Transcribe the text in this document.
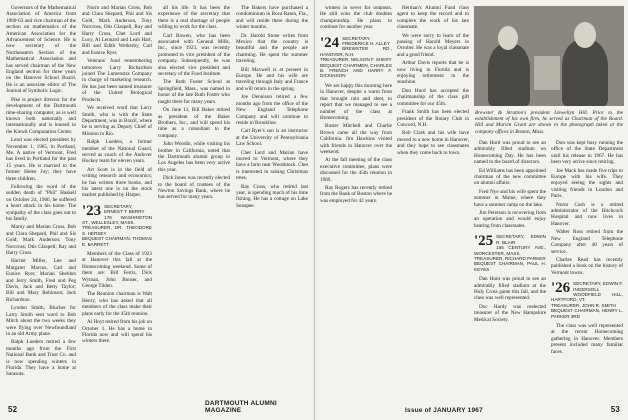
Governors of the Mathematical Association of America from 1960-63 and vice chairman of the section on mathematics of the American Association for the Advancement of Science. He is now secretary of the Northeastern Section of the Mathematical Association and has served chairman of the New England section for three years on the Hanover School Board. He is an associate editor of The Journal of Symbolic Logic.

Pike is project director for the development of the Dartmouth time-sharing computer, as is well known both nationally and internationally and is housed in the Kiewit Computation Center.

Lend was elected president by November 1, 1965, in Portland, Me. A native of Vermont, Fred has lived in Portland for the past 15 years. He is married to the former Helen Joy; they have three children.

Following the word of the sudden death of "Phil" Haskell on October 24, 1966, he suffered a heart attack in his home. The sympathy of the class goes out to his family.

Marny and Marian Cross, Bob and Clara Shepard, Phil and Sis Gold; Mark Anderson; Tony Norcross; Otis Glaspell; Ray and Harry Cross.

Harriet Miller, Lee and Margaret Marcus, Carl and Eunice Ryer, Marian Sheldon and Jerry Smith, Fred and Peg Davis, Jack and Betty Taylor; Bill and Mary Robinson; Jack Richardson.

Lyndon Smith, Blucher for Larry Smith sent word to Bob Mitch about the two weeks they were flying over Newfoundland in an old Army plane.

Ralph Lueders retired a few months ago from the First National Bank and Trust Co. and is now spending winters in Florida. They have a home at Sarasota.

Norm and Marian Cross, Bob and Clara Shepard, Phil and Sis Gold, Mark Anderson, Tony Norcross, Otis Glaspell, Ray and Harry Cross, Chet Lord and Lucy, Al Leonard and Leah Hart, Bill and Edith Wetherby, Carl and Eunice Ryer.

Veterans' fund remembering tomorrow Larry Richardson joined The Lumenstra Company in charge of marketing research. He has just been named treasurer of the United Biological Products.

We received word that Larry Smith, who is with the State Department, was in Brazil, where he is serving as Deputy Chief of Mission in Rio.

Ralph Lueders, a former member of the National Guard, served as coach of the Andover Hockey team for eleven years.

Art Scott is in the field of writing research and economics; he has written three books, and his latest one is on the stock market published by Harper.

'23 SECRETARY, ERNEST T. BERRY
176 WASHINGTON ST., WELLESLEY, MASS.
TREASURER, DR. THEODORE S. HERSEY
BEQUEST CHAIRMAN, THOMAS E. BARRETT

Members of the Class of 1923 at Hanover this fall at the Homecoming weekend. Some of them are: Bill Ferris, Dick Wyman, John Bonser, and George Tilden.

The Reunion chairman is Walt Henry, who has asked that all members of the class make their plans early for the 45th reunion.

Al Hoyt retired from his job on October 1. He has a home in Florida now and will spend his winters there.

all his life. It has been the experience of the secretary that there is a real shortage of people willing to work for the class.

Carl Bowen, who has been associated with General Mills, Inc., since 1923, was recently promoted to vice president of the company. Subsequently, he was also elected vice president and secretary of the Food Institute.

The Ruth Foster School at Springfield, Mass., was named in honor of the late Ruth Foster who taught there for many years.

On June 11, Bill Baker retired as president of the Baker Brothers, Inc., and will spend his time as a consultant to the company.

John Woodin, while visiting his brother in California, noted that the Dartmouth alumni group in Los Angeles has been very active this year.

Dick Jones was recently elected to the board of trustees of the Newton Savings Bank, where he has served for many years.

The Bakers have purchased a condominium in Boca Raton, Fla., and will reside there during the winter months.

Dr. Harold Stone writes from Mexico that the country is beautiful and the people are charming. He spent the summer traveling.

Bill Maxwell is at present in Europe. He and his wife are traveling through Italy and France and will return in the spring.

Joe Dennison retired a few months ago from the office of the New England Telephone Company and will continue to reside in Brookline.

Carl Ryer's son is an instructor at the University of Pennsylvania Law School.

Chet Lord and Marian have moved to Vermont, where they have a farm near Woodstock. Chet is interested in raising Christmas trees.

Ray Cross, who retired last year, is spending much of his time fishing. He has a cottage on Lake Sunapee.

52
DARTMOUTH ALUMNI MAGAZINE

winters in sever for outposts. He still wins the club doubles championship. He plans to continue for another year.

'24 SECRETARY, FREDERICK H. ALLEY
BREWSTER RD., HANOVER, N.H.
TREASURER, NELSON F. SHERY
BEQUEST CHAIRMEN, CHARLES B. FRENCH AND HARRY F. DICKINSON

We are happy this morning here in Hanover, despite a warm front that brought rain and sleet, to report that we managed to see a number of the class at Homecoming.

Buster Mitchell and Charlie Brown came all the way from California. Jim Hawkins visited with friends in Hanover over the weekend.

At the fall meeting of the class executive committee, plans were discussed for the 45th reunion in 1969.

Ray Rogers has recently retired from the Bank of Boston where he was employed for 42 years.

Herman's Alumni Fund class agent to keep the record and to complete the work of his late classmate.

We were sorry to learn of the passing of Harold Meyers in October. He was a loyal classmate and a good friend.

Arthur Davis reports that he is now living in Florida and is enjoying retirement in the sunshine.

Don Hurd has accepted the chairmanship of the class gift committee for our 45th.

Frank Smith has been elected president of the Rotary Club in Concord, N.H.

Bob Clark and his wife have moved to a new home in Hanover, and they hope to see classmates when they come back to town.

Brewster & Stratton's president Llewellyn Hill. Prior to the establishment of his own firm, he served as Chairman of the Board. Hill and Marvin Grant are shown in the photograph taken at the company offices in Boston, Mass.

Dan Hurd was proud to see an admirably filled stadium on Homecoming Day. He has been named to the board of directors.

Ed Williams has been appointed chairman of the new committee on alumni affairs.

Fred Nye and his wife spent the summer in Maine, where they have a summer camp on the lake.

Jim Peterson is recovering from an operation and would enjoy hearing from classmates.

'25 SECRETARY, EDWIN R. BLAIR
165 CENTURY AVE., WORCESTER, MASS.
TREASURER, RICHARD PARKER
BEQUEST CHAIRMAN, PAUL H. KEYES

Dan Hunt was proud to see an admirably filled stadium at the Holy Cross game this fall, and the class was well represented.

Doc Hardy was reelected treasurer of the New Hampshire Medical Society.

Don was kept busy running the office of the State Department until his release in 1967. He has been very active since retiring.

Joe Mack has made five trips to Europe with his wife. They enjoyed seeing the sights and visiting friends in London and Paris.

Norm Cush is a retired administrator of the Hitchcock Hospital and now lives in Hanover.

Walter Ross retired from the New England Telephone Company after 40 years of service.

Charles Read has recently published a book on the history of Vermont towns.

'26 SECRETARY, EDWIN F. INGERSOLL
WOODFIELD HILL, HARTFORD, VT.
TREASURER, JOHN R. SMITH
BEQUEST CHAIRMAN, HENRY L. PARKER 3RD

The class was well represented at the recent Homecoming gathering in Hanover. Members present included many familiar faces.

Issue of JANUARY 1967	53
